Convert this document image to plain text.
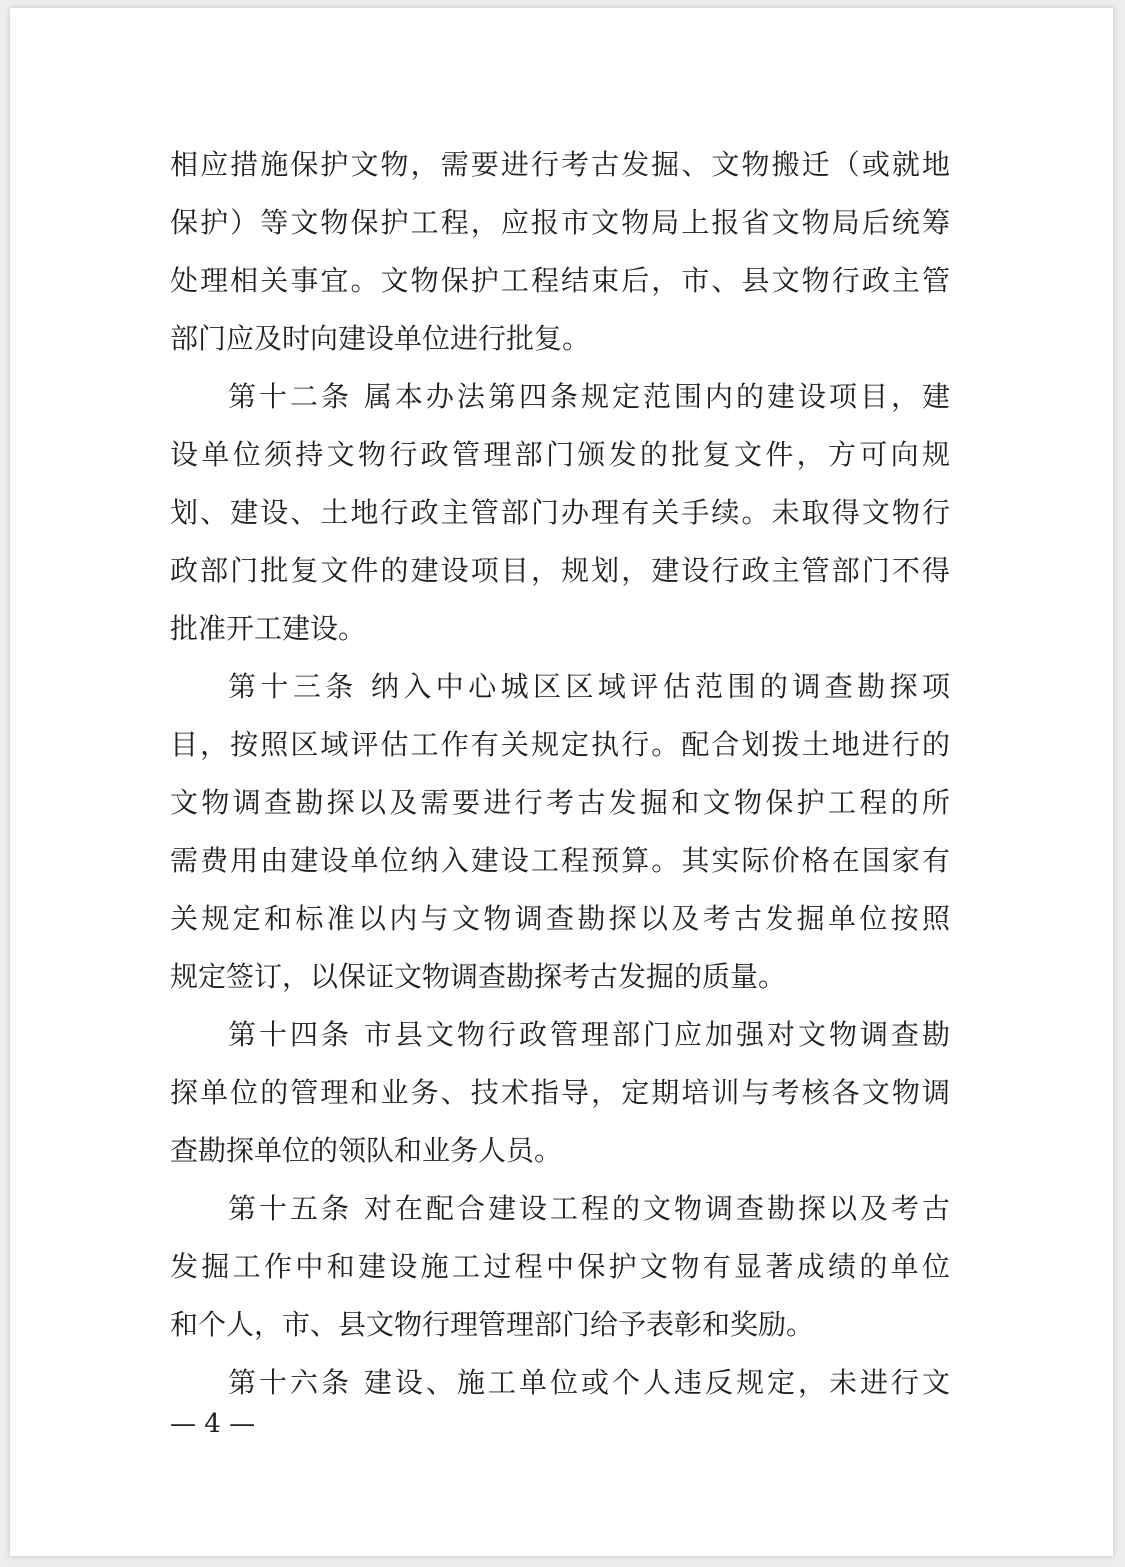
相应措施保护文物，需要进行考古发掘、文物搬迁（或就地
保护）等文物保护工程，应报市文物局上报省文物局后统筹
处理相关事宜。文物保护工程结束后，市、县文物行政主管
部门应及时向建设单位进行批复。
第十二条 属本办法第四条规定范围内的建设项目，建
设单位须持文物行政管理部门颁发的批复文件，方可向规
划、建设、土地行政主管部门办理有关手续。未取得文物行
政部门批复文件的建设项目，规划，建设行政主管部门不得
批准开工建设。
第十三条 纳入中心城区区域评估范围的调查勘探项
目，按照区域评估工作有关规定执行。配合划拨土地进行的
文物调查勘探以及需要进行考古发掘和文物保护工程的所
需费用由建设单位纳入建设工程预算。其实际价格在国家有
关规定和标准以内与文物调查勘探以及考古发掘单位按照
规定签订，以保证文物调查勘探考古发掘的质量。
第十四条 市县文物行政管理部门应加强对文物调查勘
探单位的管理和业务、技术指导，定期培训与考核各文物调
查勘探单位的领队和业务人员。
第十五条 对在配合建设工程的文物调查勘探以及考古
发掘工作中和建设施工过程中保护文物有显著成绩的单位
和个人，市、县文物行理管理部门给予表彰和奖励。
第十六条 建设、施工单位或个人违反规定，未进行文
— 4 —
